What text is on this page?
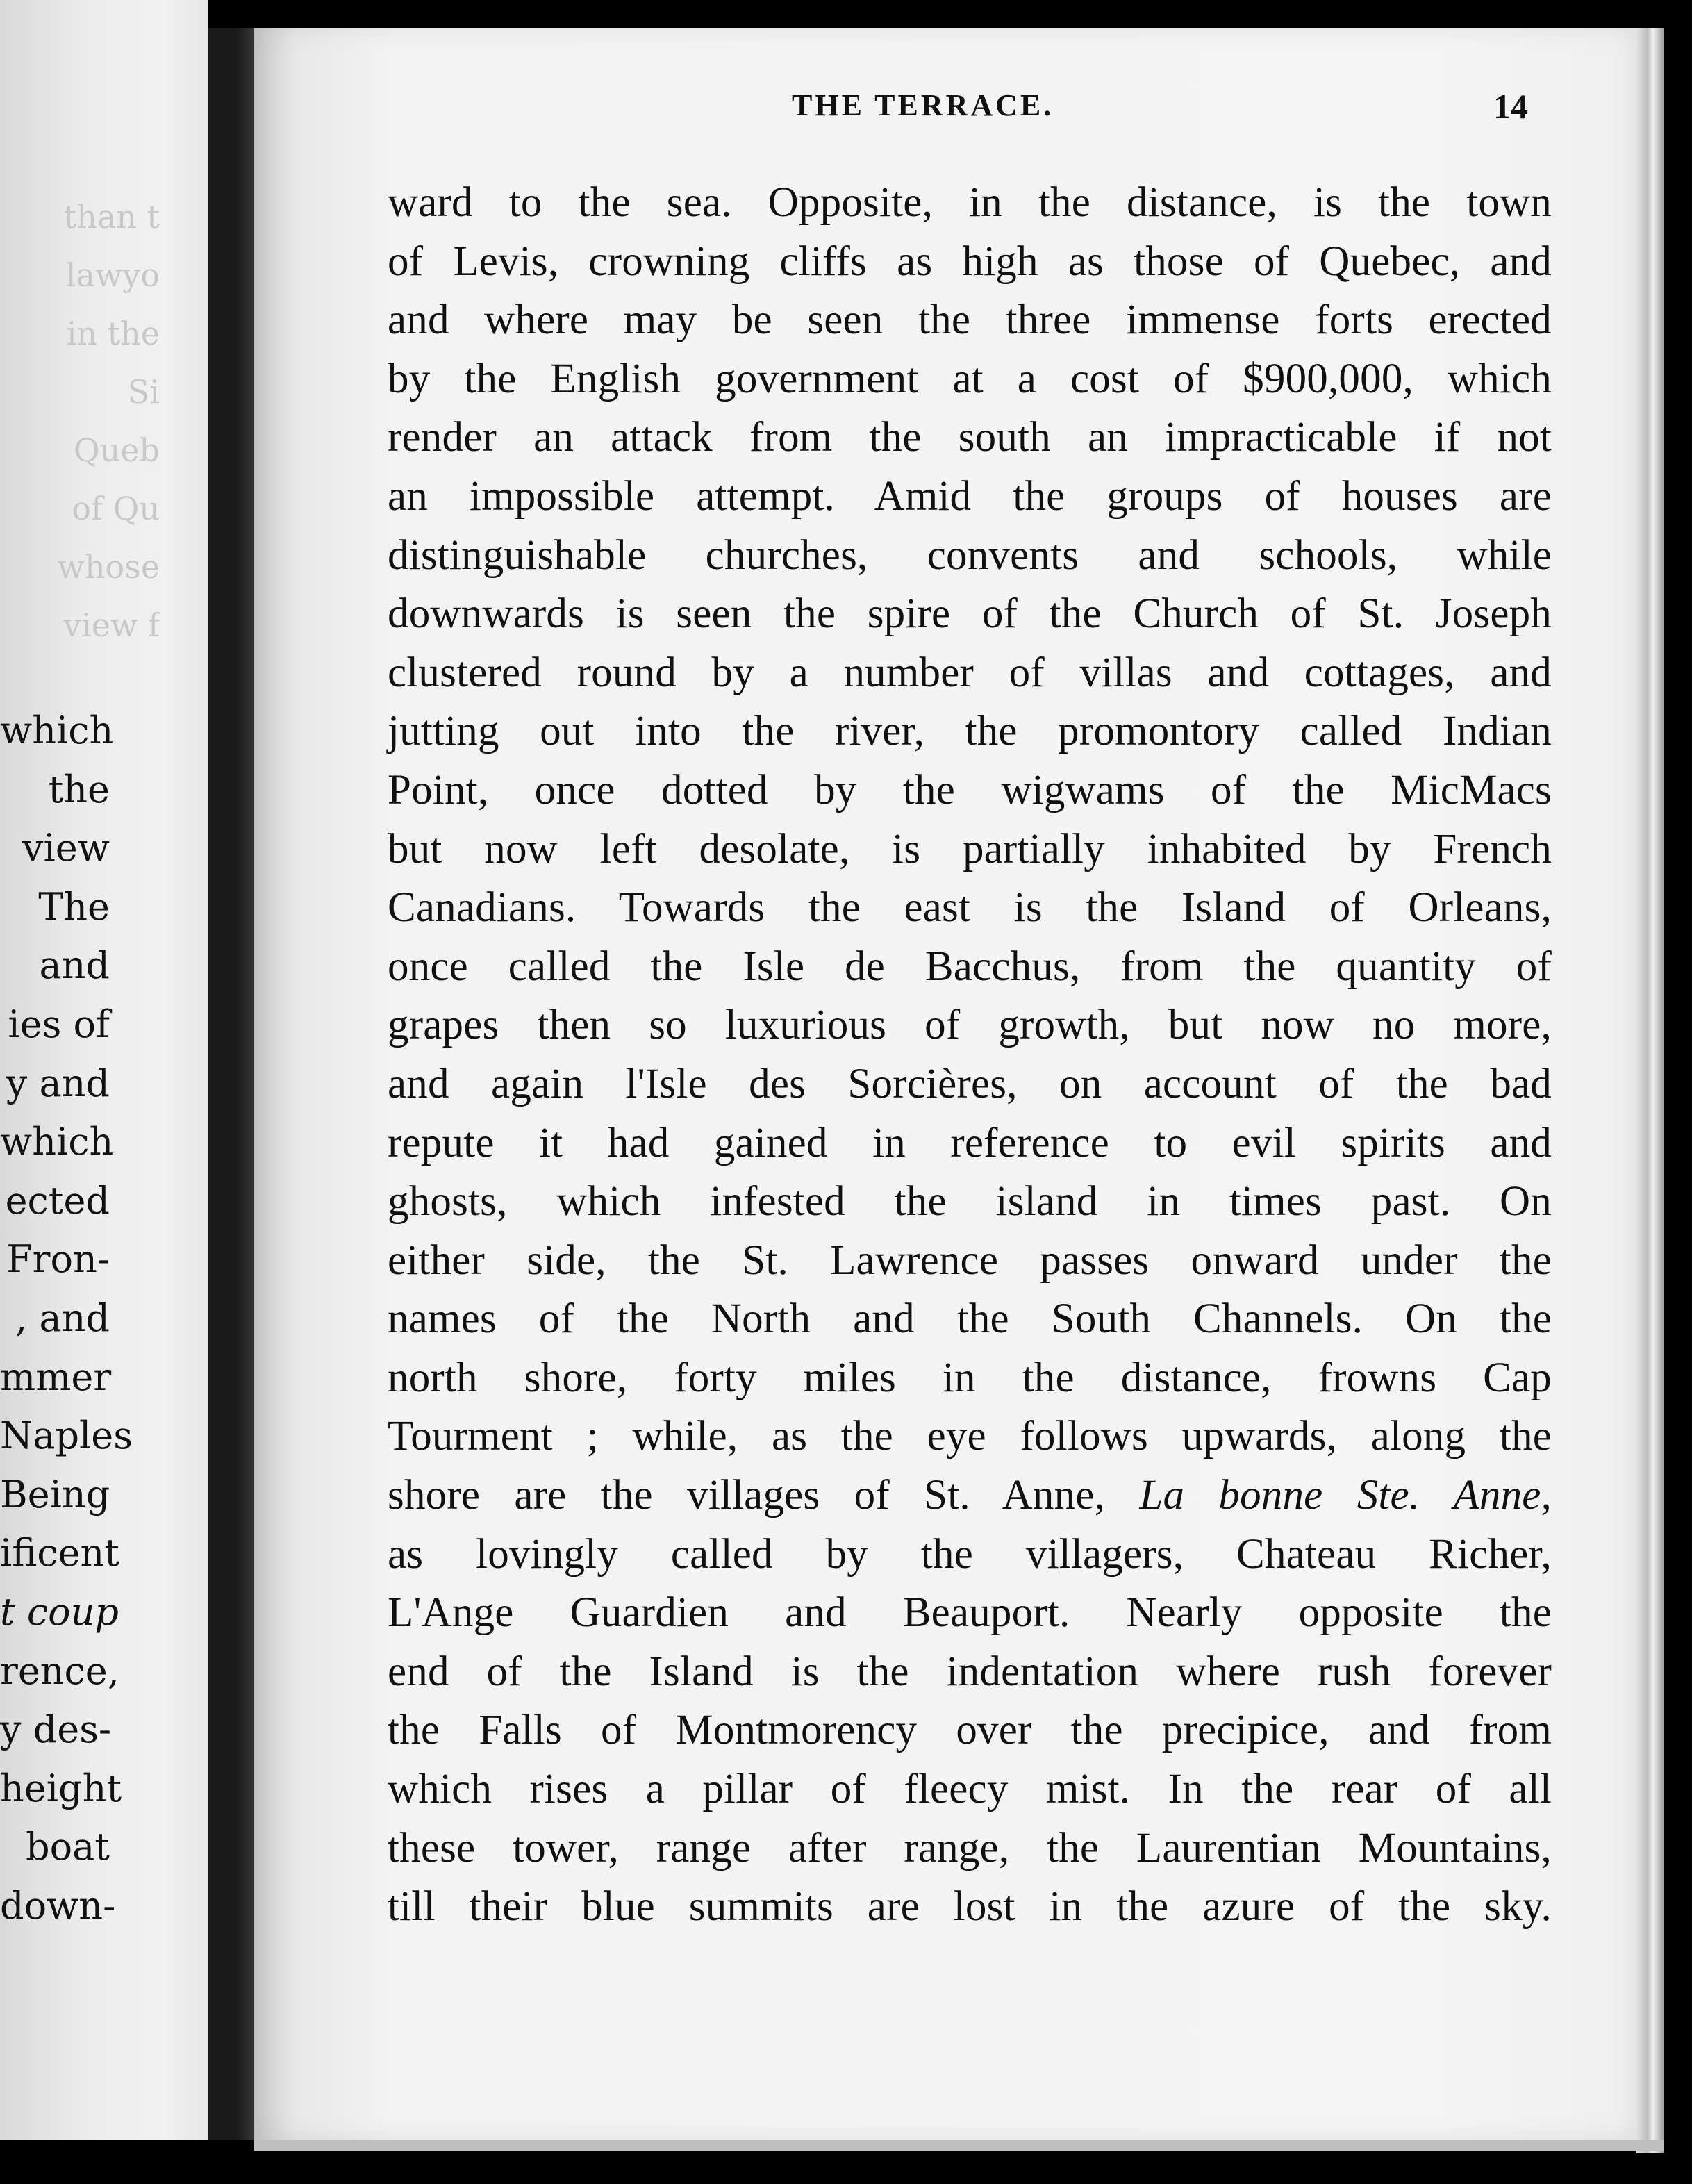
than t
lawyo
in the
Si
Queb
of Qu
whose
view f
which
the
view
The
and
ies of
y and
which
ected
Fron-
, and
mmer
Naples
Being
ificent
t coup
rence,
y des-
height
boat
down-
THE TERRACE.	14
ward to the sea. Opposite, in the distance, is the town
of Levis, crowning cliffs as high as those of Quebec, and
and where may be seen the three immense forts erected
by the English government at a cost of $900,000, which
render an attack from the south an impracticable if not
an impossible attempt. Amid the groups of houses are
distinguishable churches, convents and schools, while
downwards is seen the spire of the Church of St. Joseph
clustered round by a number of villas and cottages, and
jutting out into the river, the promontory called Indian
Point, once dotted by the wigwams of the MicMacs
but now left desolate, is partially inhabited by French
Canadians. Towards the east is the Island of Orleans,
once called the Isle de Bacchus, from the quantity of
grapes then so luxurious of growth, but now no more,
and again l'Isle des Sorcières, on account of the bad
repute it had gained in reference to evil spirits and
ghosts, which infested the island in times past. On
either side, the St. Lawrence passes onward under the
names of the North and the South Channels. On the
north shore, forty miles in the distance, frowns Cap
Tourment ; while, as the eye follows upwards, along the
shore are the villages of St. Anne, La bonne Ste. Anne,
as lovingly called by the villagers, Chateau Richer,
L'Ange Guardien and Beauport. Nearly opposite the
end of the Island is the indentation where rush forever
the Falls of Montmorency over the precipice, and from
which rises a pillar of fleecy mist. In the rear of all
these tower, range after range, the Laurentian Mountains,
till their blue summits are lost in the azure of the sky.
